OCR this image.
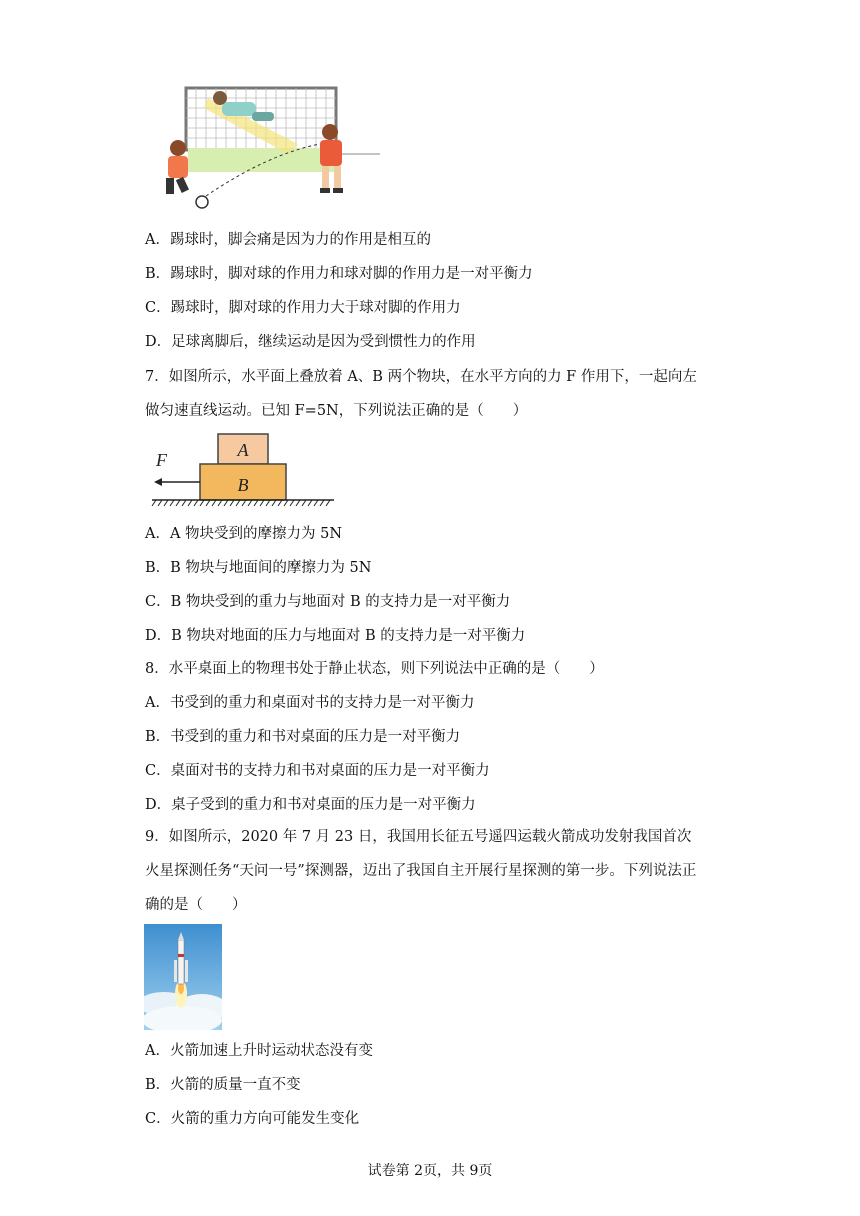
A．踢球时，脚会痛是因为力的作用是相互的
B．踢球时，脚对球的作用力和球对脚的作用力是一对平衡力
C．踢球时，脚对球的作用力大于球对脚的作用力
D．足球离脚后，继续运动是因为受到惯性力的作用
7．如图所示，水平面上叠放着 A、B 两个物块，在水平方向的力 F 作用下，一起向左
做匀速直线运动。已知 F=5N，下列说法正确的是（　　）
A
B
F
A．A 物块受到的摩擦力为 5N
B．B 物块与地面间的摩擦力为 5N
C．B 物块受到的重力与地面对 B 的支持力是一对平衡力
D．B 物块对地面的压力与地面对 B 的支持力是一对平衡力
8．水平桌面上的物理书处于静止状态，则下列说法中正确的是（　　）
A．书受到的重力和桌面对书的支持力是一对平衡力
B．书受到的重力和书对桌面的压力是一对平衡力
C．桌面对书的支持力和书对桌面的压力是一对平衡力
D．桌子受到的重力和书对桌面的压力是一对平衡力
9．如图所示，2020 年 7 月 23 日，我国用长征五号遥四运载火箭成功发射我国首次
火星探测任务“天问一号”探测器，迈出了我国自主开展行星探测的第一步。下列说法正
确的是（　　）
A．火箭加速上升时运动状态没有变
B．火箭的质量一直不变
C．火箭的重力方向可能发生变化
试卷第 2页，共 9页
